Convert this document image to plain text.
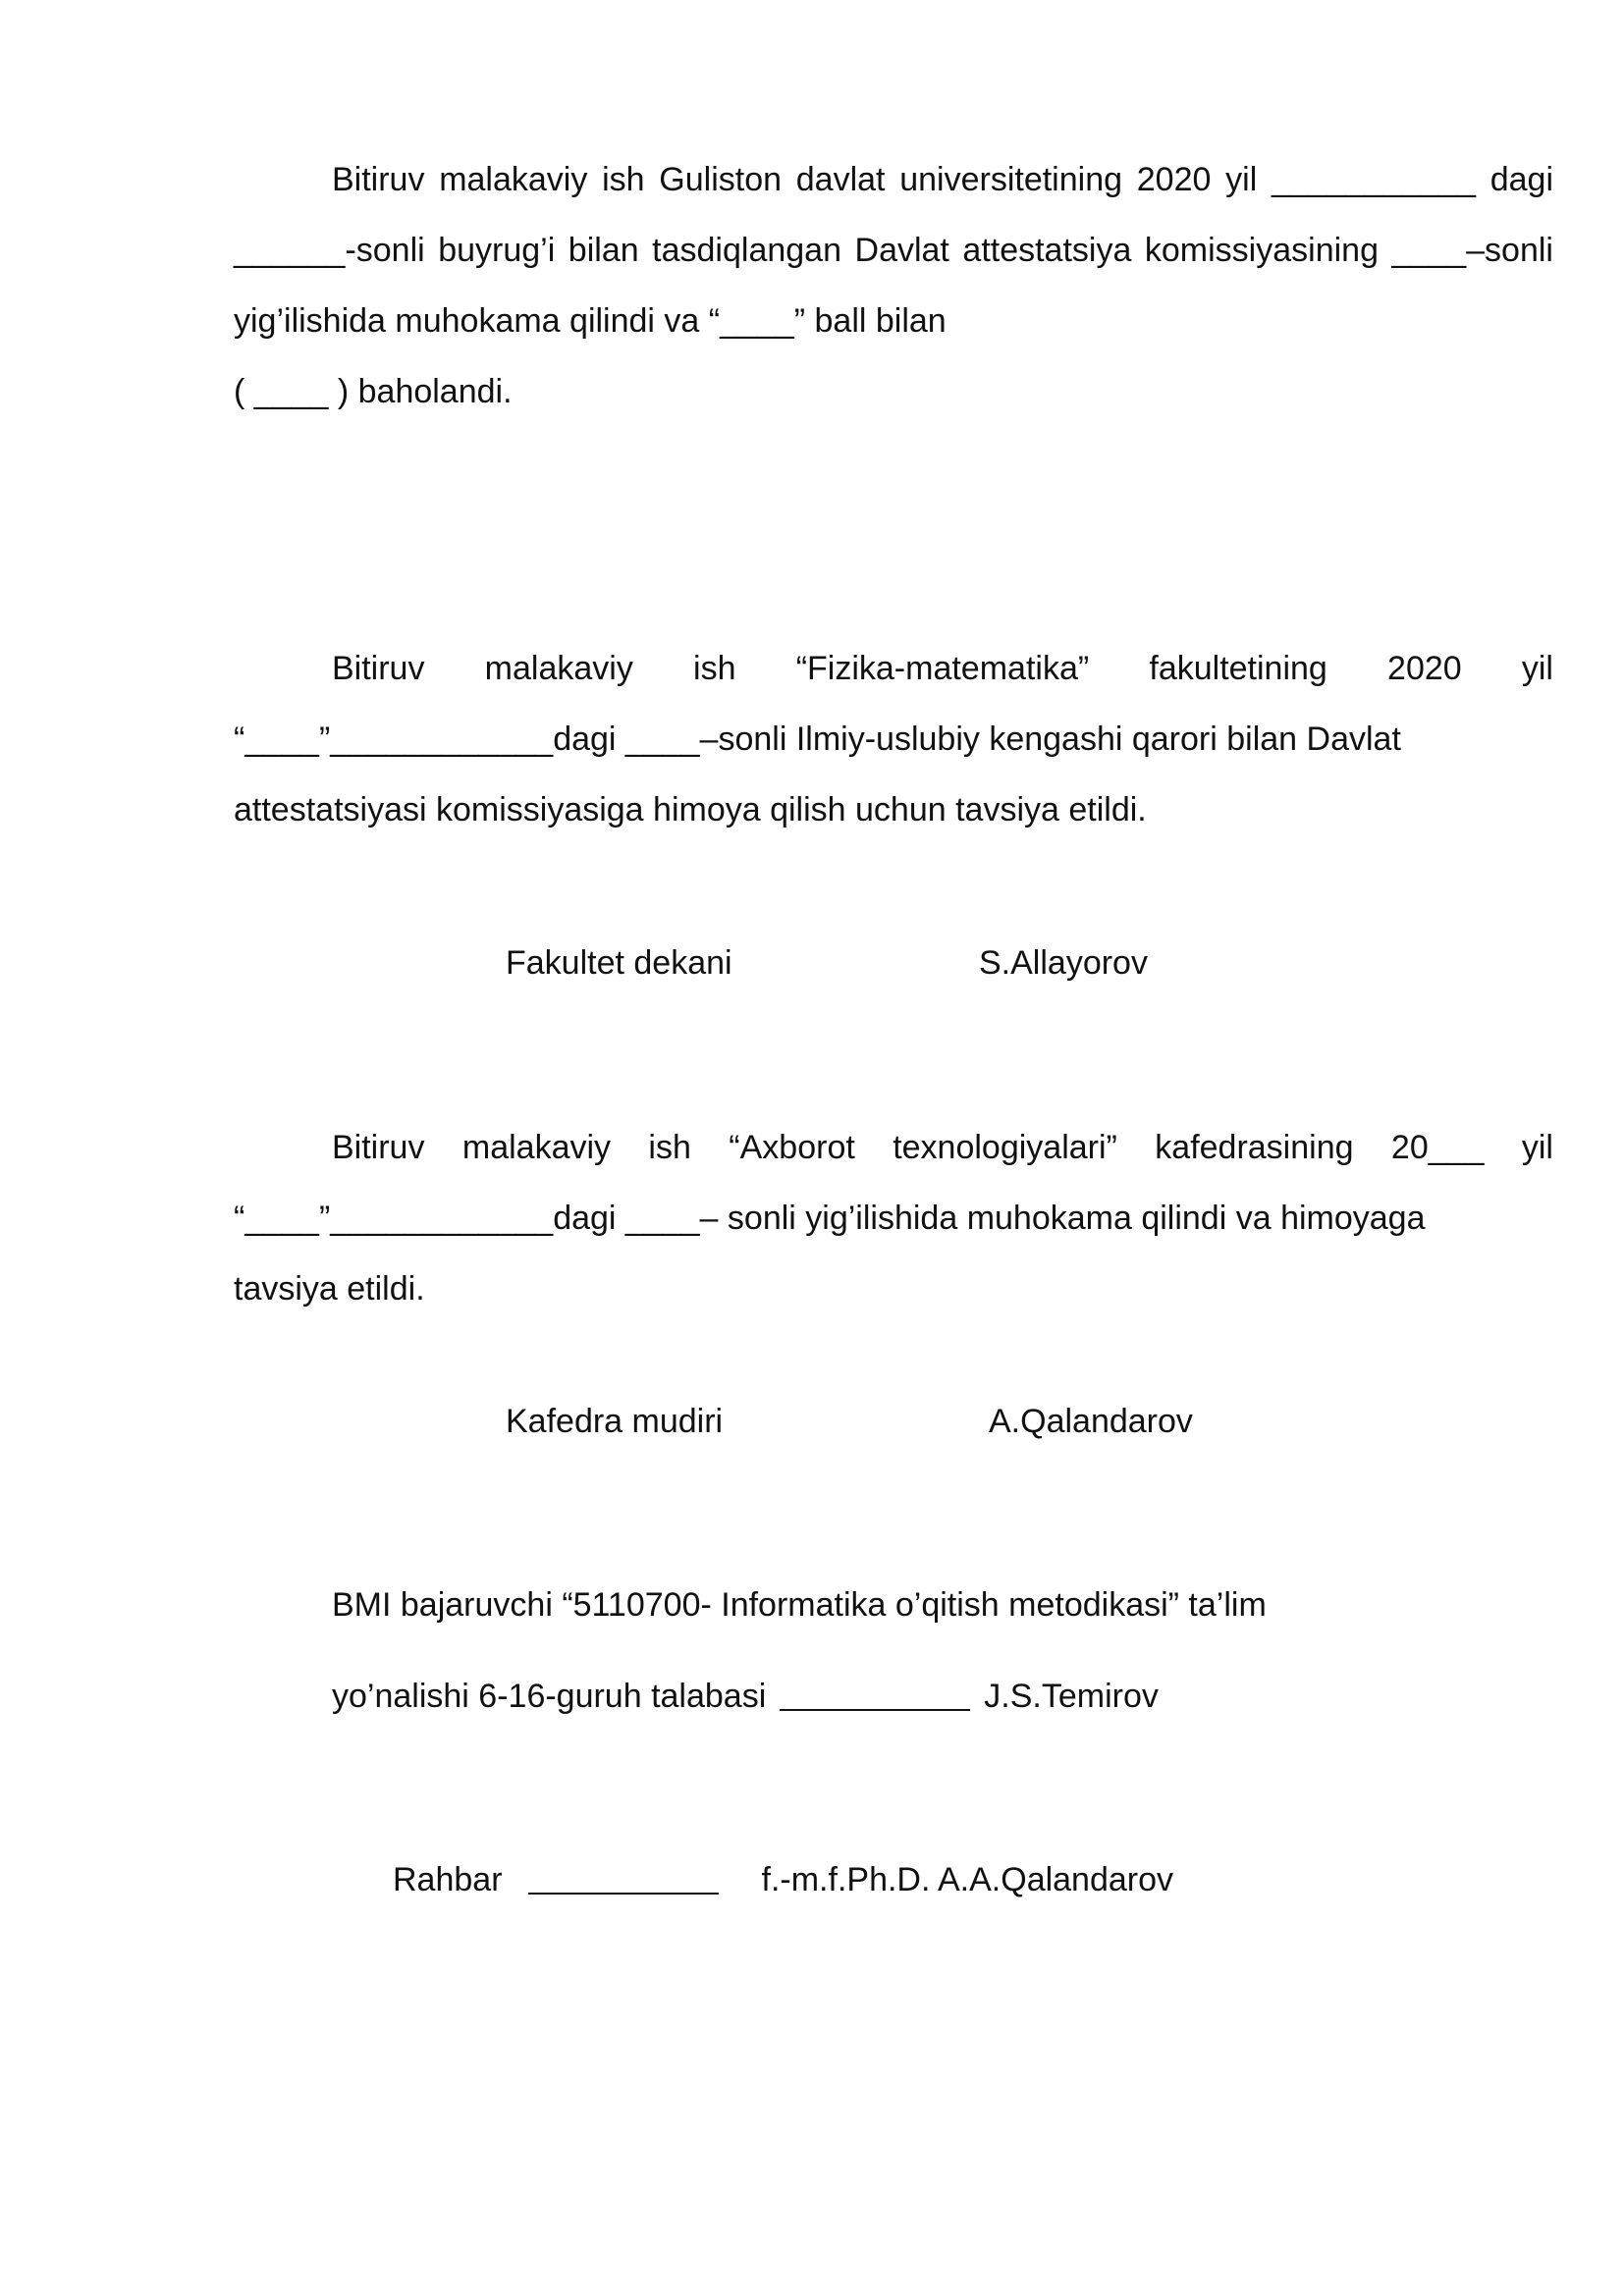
Bitiruv malakaviy ish Guliston davlat universitetining 2020 yil ___________ dagi ______-sonli buyrug’i bilan tasdiqlangan Davlat attestatsiya komissiyasining ____–sonli yig’ilishida muhokama qilindi va “____” ball bilan
( ____ ) baholandi.

Bitiruv malakaviy ish “Fizika-matematika” fakultetining 2020 yil “____”____________dagi ____–sonli Ilmiy-uslubiy kengashi qarori bilan Davlat
attestatsiyasi komissiyasiga himoya qilish uchun tavsiya etildi.

Fakultet dekani	S.Allayorov

Bitiruv malakaviy ish “Axborot texnologiyalari” kafedrasining 20___ yil “____”____________dagi ____– sonli yig’ilishida muhokama qilindi va himoyaga
tavsiya etildi.

Kafedra mudiri	A.Qalandarov
BMI bajaruvchi “5110700- Informatika o’qitish metodikasi” ta’lim
yo’nalishi 6-16-guruh talabasi	J.S.Temirov
Rahbar	f.-m.f.Ph.D. A.A.Qalandarov
